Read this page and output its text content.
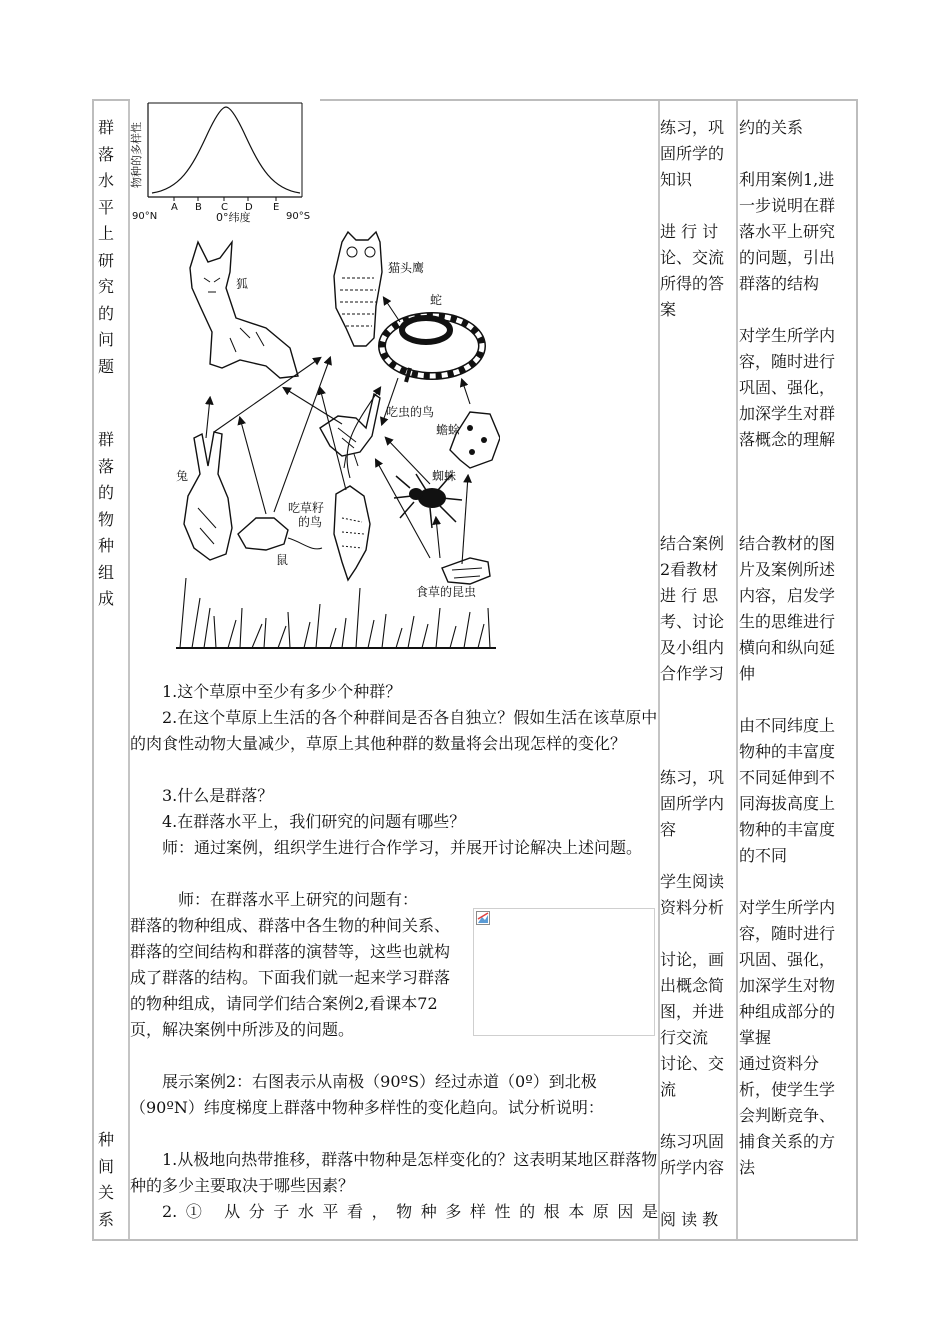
群
落
水
平
上
研
究
的
问
题
群
落
的
物
种
组
成
种
间
关
系

1.这个草原中至少有多少个种群？

2.在这个草原上生活的各个种群间是否各自独立？假如生活在该草原中的肉食性动物大量减少，草原上其他种群的数量将会出现怎样的变化？

3.什么是群落？

4.在群落水平上，我们研究的问题有哪些？

师：通过案例，组织学生进行合作学习，并展开讨论解决上述问题。

师：在群落水平上研究的问题有：

群落的物种组成、群落中各生物的种间关系、群落的空间结构和群落的演替等，这些也就构成了群落的结构。下面我们就一起来学习群落的物种组成，请同学们结合案例2,看课本72页，解决案例中所涉及的问题。

展示案例2：右图表示从南极（90ºS）经过赤道（0º）到北极（90ºN）纬度梯度上群落中物种多样性的变化趋向。试分析说明：

1.从极地向热带推移，群落中物种是怎样变化的？这表明某地区群落物种的多少主要取决于哪些因素？

2.① 从分子水平看，物种多样性的根本原因是

练习，巩
固所学的
知识

进 行 讨
论、交流
所得的答
案

结合案例
2看教材

进 行 思
考、讨论
及小组内
合作学习

练习，巩
固所学内
容

学生阅读
资料分析

讨论，画
出概念简
图，并进
行交流

讨论、交
流

练习巩固
所学内容

阅 读 教

约的关系

利用案例1,进
一步说明在群
落水平上研究
的问题，引出
群落的结构

对学生所学内
容，随时进行
巩固、强化，
加深学生对群
落概念的理解

结合教材的图
片及案例所述
内容，启发学
生的思维进行
横向和纵向延
伸

由不同纬度上
物种的丰富度
不同延伸到不
同海拔高度上
物种的丰富度
的不同

对学生所学内
容，随时进行
巩固、强化，
加深学生对物
种组成部分的
掌握

通过资料分
析，使学生学
会判断竞争、
捕食关系的方
法

物种的多样性
A B C D E
90°N	0°纬度	90°S
狐
猫头鹰
蛇
吃虫的鸟
蟾蜍
兔	蜘蛛
吃草籽的鸟
鼠
食草的昆虫
